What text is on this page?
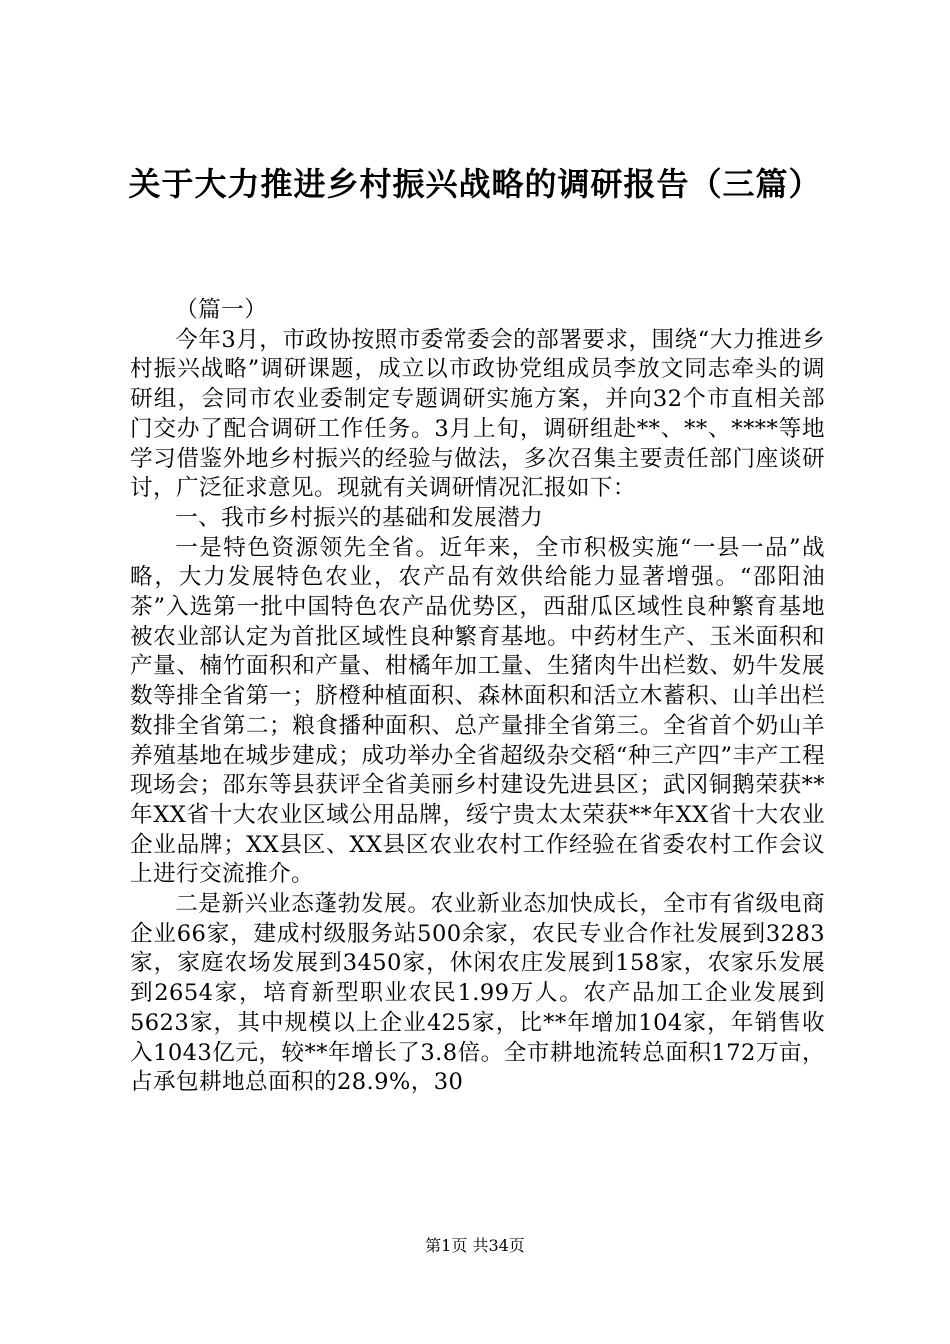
关于大力推进乡村振兴战略的调研报告（三篇）

（篇一）

今年3月，市政协按照市委常委会的部署要求，围绕“大力推进乡村振兴战略”调研课题，成立以市政协党组成员李放文同志牵头的调研组，会同市农业委制定专题调研实施方案，并向32个市直相关部门交办了配合调研工作任务。3月上旬，调研组赴**、**、****等地学习借鉴外地乡村振兴的经验与做法，多次召集主要责任部门座谈研讨，广泛征求意见。现就有关调研情况汇报如下：

一、我市乡村振兴的基础和发展潜力

一是特色资源领先全省。近年来，全市积极实施“一县一品”战略，大力发展特色农业，农产品有效供给能力显著增强。“邵阳油茶”入选第一批中国特色农产品优势区，西甜瓜区域性良种繁育基地被农业部认定为首批区域性良种繁育基地。中药材生产、玉米面积和产量、楠竹面积和产量、柑橘年加工量、生猪肉牛出栏数、奶牛发展数等排全省第一；脐橙种植面积、森林面积和活立木蓄积、山羊出栏数排全省第二；粮食播种面积、总产量排全省第三。全省首个奶山羊养殖基地在城步建成；成功举办全省超级杂交稻“种三产四”丰产工程现场会；邵东等县获评全省美丽乡村建设先进县区；武冈铜鹅荣获**年XX省十大农业区域公用品牌，绥宁贵太太荣获**年XX省十大农业企业品牌；XX县区、XX县区农业农村工作经验在省委农村工作会议上进行交流推介。

二是新兴业态蓬勃发展。农业新业态加快成长，全市有省级电商企业66家，建成村级服务站500余家，农民专业合作社发展到3283家，家庭农场发展到3450家，休闲农庄发展到158家，农家乐发展到2654家，培育新型职业农民1.99万人。农产品加工企业发展到5623家，其中规模以上企业425家，比**年增加104家，年销售收入1043亿元，较**年增长了3.8倍。全市耕地流转总面积172万亩，占承包耕地总面积的28.9%，30

第1页 共34页
